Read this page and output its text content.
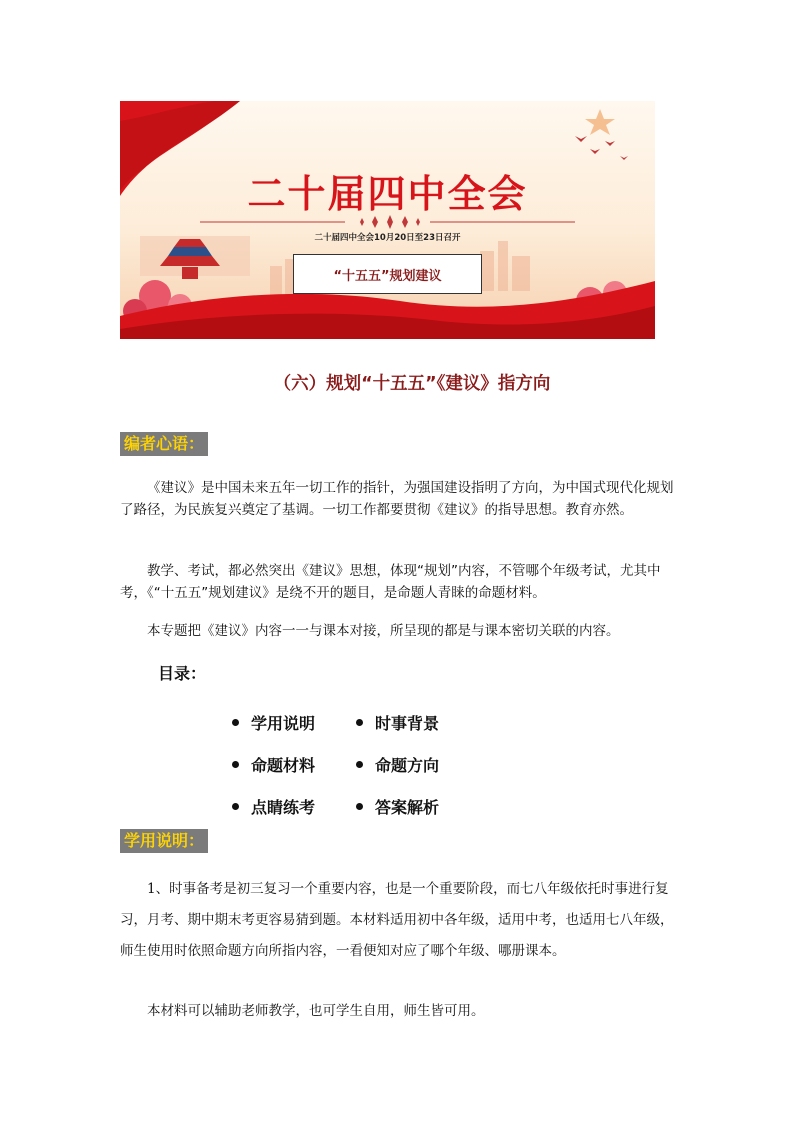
二十届四中全会
二十届四中全会10月20日至23日召开
“十五五”规划建议
（六）规划“十五五”《建议》指方向
编者心语：

《建议》是中国未来五年一切工作的指针，为强国建设指明了方向，为中国式现代化规划了路径，为民族复兴奠定了基调。一切工作都要贯彻《建议》的指导思想。教育亦然。

教学、考试，都必然突出《建议》思想，体现“规划”内容，不管哪个年级考试，尤其中考，《“十五五”规划建议》是绕不开的题目，是命题人青睐的命题材料。

本专题把《建议》内容一一与课本对接，所呈现的都是与课本密切关联的内容。

目录：
学用说明	时事背景
命题材料	命题方向
点睛练考	答案解析
学用说明：

1、时事备考是初三复习一个重要内容，也是一个重要阶段，而七八年级依托时事进行复习，月考、期中期末考更容易猜到题。本材料适用初中各年级，适用中考，也适用七八年级，师生使用时依照命题方向所指内容，一看便知对应了哪个年级、哪册课本。

本材料可以辅助老师教学，也可学生自用，师生皆可用。
